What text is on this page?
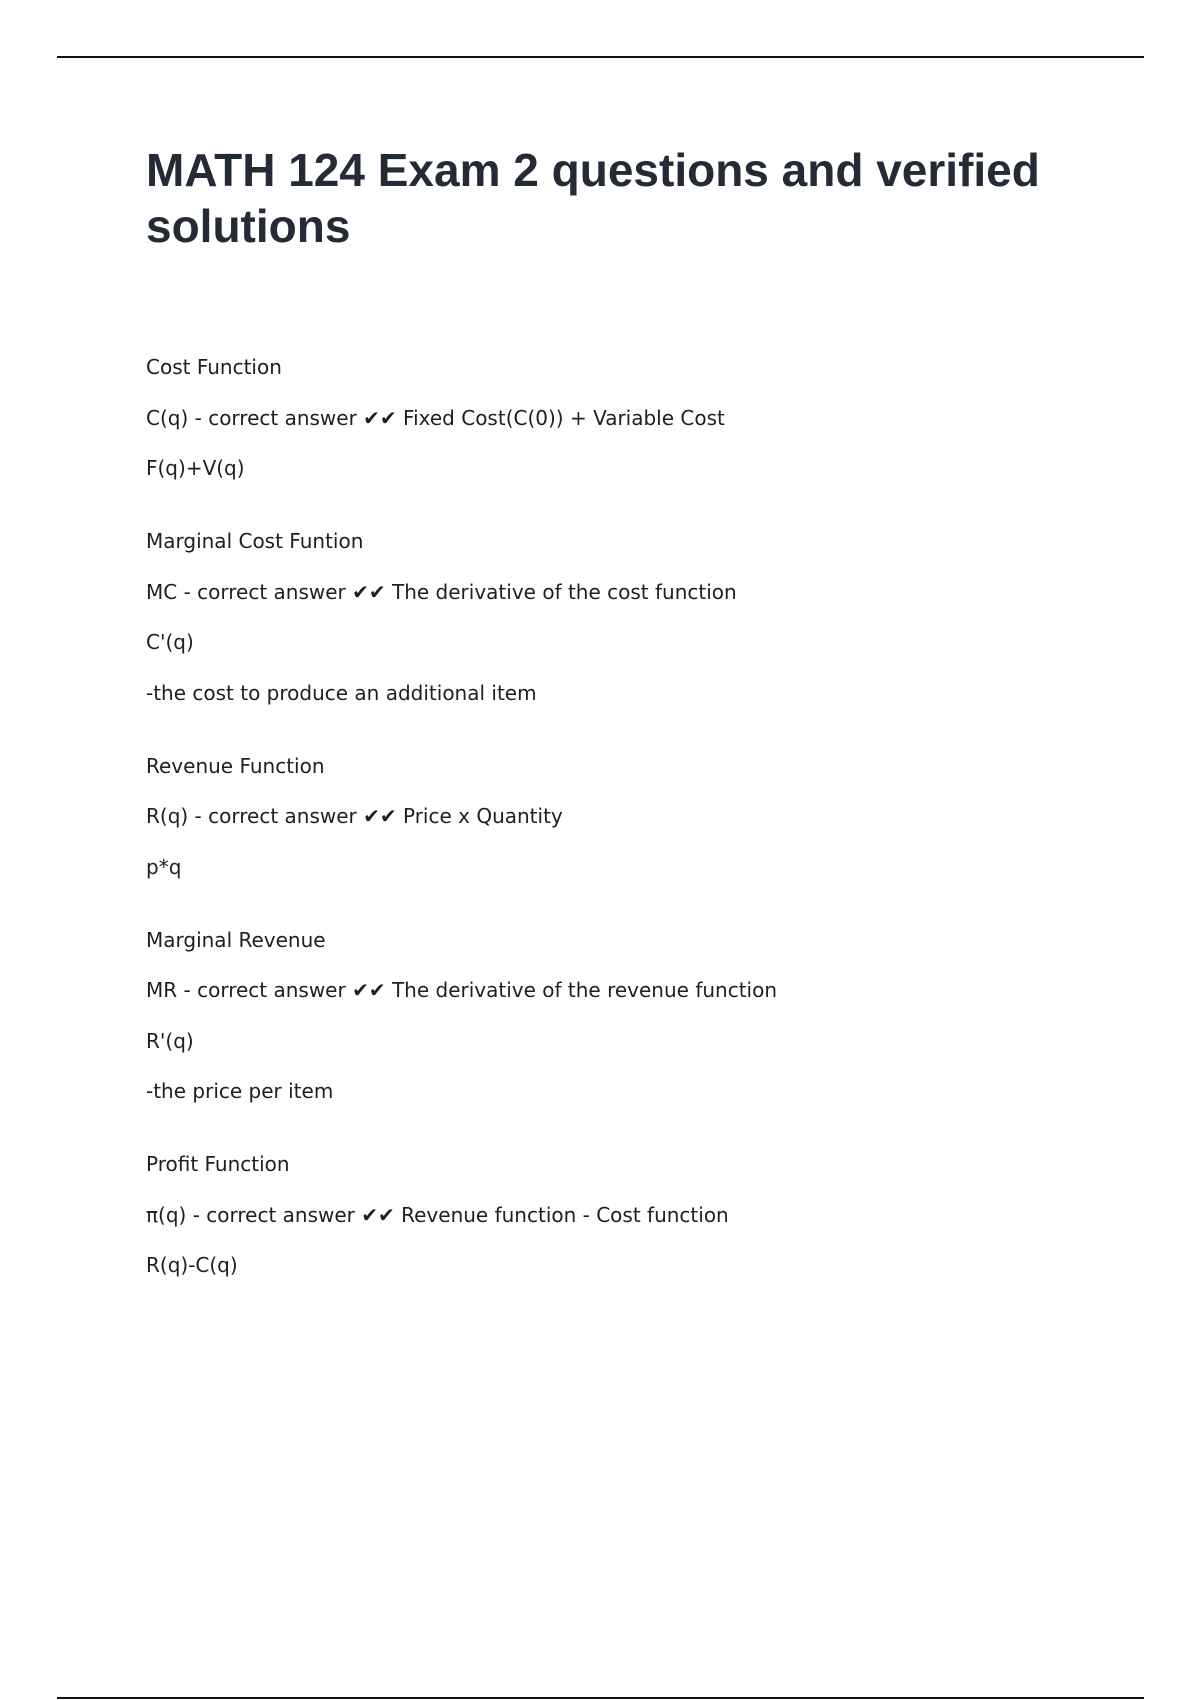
MATH 124 Exam 2 questions and verified solutions
Cost Function
C(q) - correct answer ✔✔ Fixed Cost(C(0)) + Variable Cost
F(q)+V(q)
Marginal Cost Funtion
MC - correct answer ✔✔ The derivative of the cost function
C'(q)
-the cost to produce an additional item
Revenue Function
R(q) - correct answer ✔✔ Price x Quantity
p*q
Marginal Revenue
MR - correct answer ✔✔ The derivative of the revenue function
R'(q)
-the price per item
Profit Function
π(q) - correct answer ✔✔ Revenue function - Cost function
R(q)-C(q)
